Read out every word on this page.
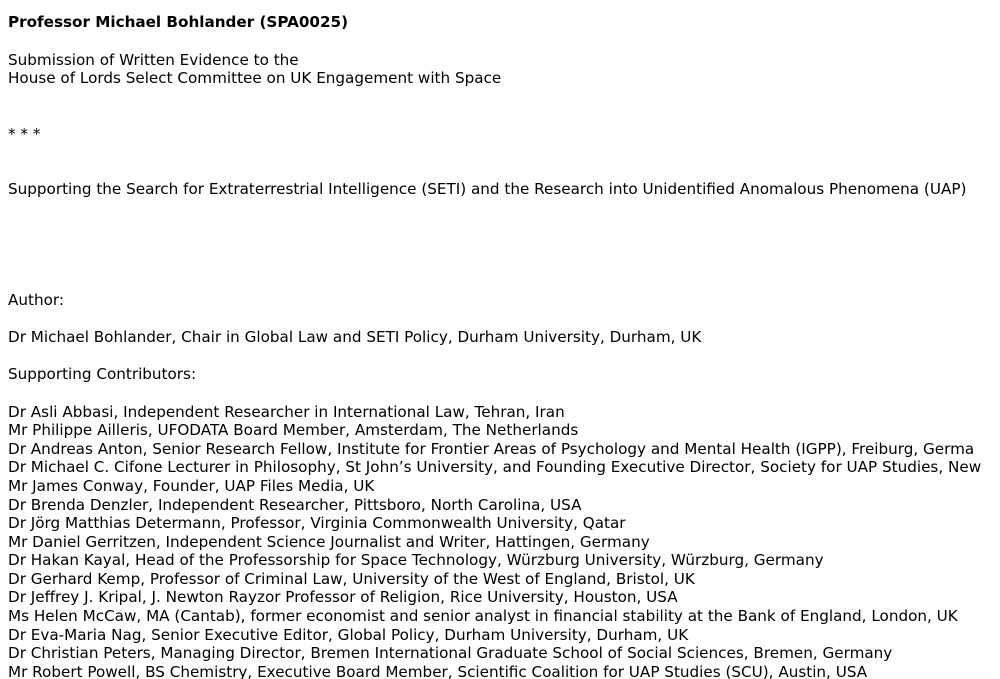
Professor Michael Bohlander (SPA0025)

Submission of Written Evidence to the

House of Lords Select Committee on UK Engagement with Space

* * *

Supporting the Search for Extraterrestrial Intelligence (SETI) and the Research into Unidentified Anomalous Phenomena (UAP)

Author:

Dr Michael Bohlander, Chair in Global Law and SETI Policy, Durham University, Durham, UK

Supporting Contributors:

Dr Asli Abbasi, Independent Researcher in International Law, Tehran, Iran
Mr Philippe Ailleris, UFODATA Board Member, Amsterdam, The Netherlands
Dr Andreas Anton, Senior Research Fellow, Institute for Frontier Areas of Psychology and Mental Health (IGPP), Freiburg, Germa
Dr Michael C. Cifone Lecturer in Philosophy, St John’s University, and Founding Executive Director, Society for UAP Studies, New
Mr James Conway, Founder, UAP Files Media, UK
Dr Brenda Denzler, Independent Researcher, Pittsboro, North Carolina, USA
Dr Jörg Matthias Determann, Professor, Virginia Commonwealth University, Qatar
Mr Daniel Gerritzen, Independent Science Journalist and Writer, Hattingen, Germany
Dr Hakan Kayal, Head of the Professorship for Space Technology, Würzburg University, Würzburg, Germany
Dr Gerhard Kemp, Professor of Criminal Law, University of the West of England, Bristol, UK
Dr Jeffrey J. Kripal, J. Newton Rayzor Professor of Religion, Rice University, Houston, USA
Ms Helen McCaw, MA (Cantab), former economist and senior analyst in financial stability at the Bank of England, London, UK
Dr Eva-Maria Nag, Senior Executive Editor, Global Policy, Durham University, Durham, UK
Dr Christian Peters, Managing Director, Bremen International Graduate School of Social Sciences, Bremen, Germany
Mr Robert Powell, BS Chemistry, Executive Board Member, Scientific Coalition for UAP Studies (SCU), Austin, USA
